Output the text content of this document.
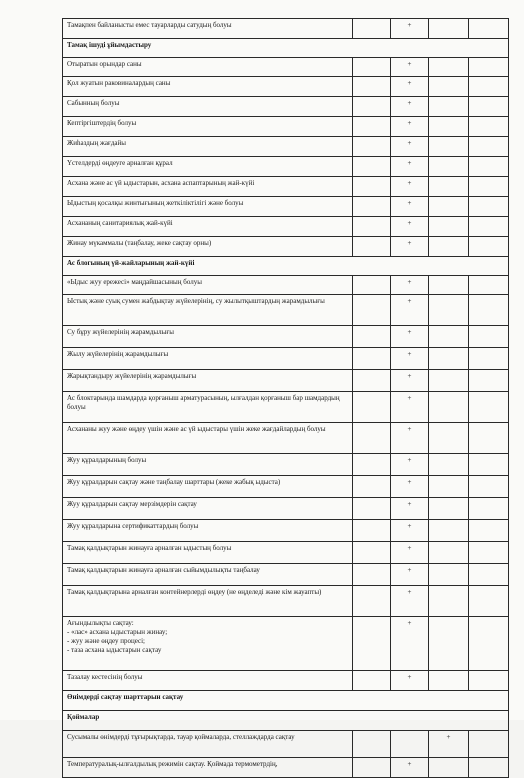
Тамақпен байланысты емес тауарларды сатудың болуы		+		
Тамақ ішуді ұйымдастыру				
Отыратын орындар саны		+		
Қол жуатын раковиналардың саны		+		
Сабынның болуы		+		
Кептіргіштердің болуы		+		
Жиһаздың жағдайы		+		
Үстелдерді өңдеуге арналған құрал		+		
Асхана және ас үй ыдыстарын, асхана аспаптарының жай-күйі		+		
Ыдыстың қосалқы жинтығының жеткіліктілігі және болуы		+		
Асхананың санитариялық жай-күйі		+		
Жинау мүкаммалы (таңбалау, жеке сақтау орны)		+		
Ас блогының үй-жайларының жай-күйі				
«Ыдыс жуу ережесі» маңдайшасының болуы		+		
Ыстық және суық сумен жабдықтау жүйелерінің, су жылытқыштардың жарамдылығы		+		
Су бұру жүйелерінің жарамдылығы		+		
Жылу жүйелерінің жарамдылығы		+		
Жарықтандыру жүйелерінің жарамдылығы		+		
Ас блоктарында шамдарда қорғаныш арматурасының, ылғалдан қорғаныш бар шамдардың болуы		+		
Асхананы жуу және өңдеу үшін және ас үй ыдыстары үшін жеке жағдайлардың болуы		+		
Жуу құралдарының болуы		+		
Жуу құралдарын сақтау және таңбалау шарттары (жеке жабық ыдыста)		+		
Жуу құралдарын сақтау мерзімдерін сақтау		+		
Жуу құралдарына сертификаттардың болуы		+		
Тамақ қалдықтарын жинауға арналған ыдыстың болуы		+		
Тамақ қалдықтарын жинауға арналған сыйымдылықты таңбалау		+		
Тамақ қалдықтарына арналған контейнерлерді өңдеу (не өңделеді және кім жауапты)		+		
Ағындылықты сақтау:
- «лас» асхана ыдыстарын жинау;
- жуу және өңдеу процесі;
- таза асхана ыдыстарын сақтау		+		
Тазалау кестесінің болуы		+		
Өнімдерді сақтау шарттарын сақтау				
Қоймалар				
Сусымалы өнімдерді тұғырықтарда, тауар қоймаларда, стеллаждарда сақтау			+	
Температуралық-ылғалдылық режимін сақтау. Қоймада термометрдің,		+		
